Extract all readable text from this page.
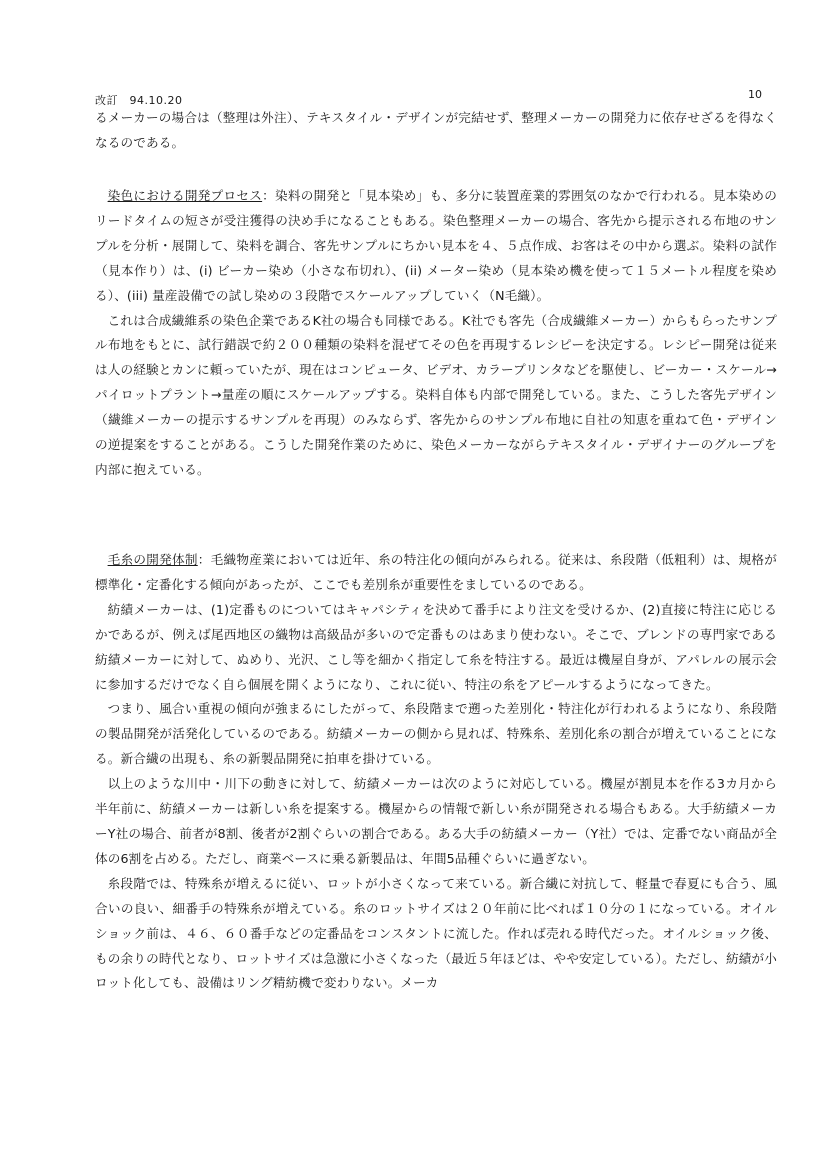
改訂　94.10.20	10

るメーカーの場合は（整理は外注）、テキスタイル・デザインが完結せず、整理メーカーの開発力に依存せざるを得なくなるのである。

染色における開発プロセス：染料の開発と「見本染め」も、多分に装置産業的雰囲気のなかで行われる。見本染めのリードタイムの短さが受注獲得の決め手になることもある。染色整理メーカーの場合、客先から提示される布地のサンプルを分析・展開して、染料を調合、客先サンプルにちかい見本を４、５点作成、お客はその中から選ぶ。染料の試作（見本作り）は、(i) ビーカー染め（小さな布切れ）、(ii) メーター染め（見本染め機を使って１５メートル程度を染める）、(iii) 量産設備での試し染めの３段階でスケールアップしていく（N毛織）。

これは合成繊維系の染色企業であるK社の場合も同様である。K社でも客先（合成繊維メーカー）からもらったサンプル布地をもとに、試行錯誤で約２００種類の染料を混ぜてその色を再現するレシピーを決定する。レシピー開発は従来は人の経験とカンに頼っていたが、現在はコンピュータ、ビデオ、カラープリンタなどを駆使し、ビーカー・スケール→パイロットプラント→量産の順にスケールアップする。染料自体も内部で開発している。また、こうした客先デザイン（繊維メーカーの提示するサンプルを再現）のみならず、客先からのサンプル布地に自社の知恵を重ねて色・デザインの逆提案をすることがある。こうした開発作業のために、染色メーカーながらテキスタイル・デザイナーのグループを内部に抱えている。

毛糸の開発体制：毛織物産業においては近年、糸の特注化の傾向がみられる。従来は、糸段階（低粗利）は、規格が標準化・定番化する傾向があったが、ここでも差別糸が重要性をましているのである。

紡績メーカーは、(1)定番ものについてはキャパシティを決めて番手により注文を受けるか、(2)直接に特注に応じるかであるが、例えば尾西地区の織物は高級品が多いので定番ものはあまり使わない。そこで、ブレンドの専門家である紡績メーカーに対して、ぬめり、光沢、こし等を細かく指定して糸を特注する。最近は機屋自身が、アパレルの展示会に参加するだけでなく自ら個展を開くようになり、これに従い、特注の糸をアピールするようになってきた。

つまり、風合い重視の傾向が強まるにしたがって、糸段階まで遡った差別化・特注化が行われるようになり、糸段階の製品開発が活発化しているのである。紡績メーカーの側から見れば、特殊糸、差別化糸の割合が増えていることになる。新合繊の出現も、糸の新製品開発に拍車を掛けている。

以上のような川中・川下の動きに対して、紡績メーカーは次のように対応している。機屋が割見本を作る3カ月から半年前に、紡績メーカーは新しい糸を提案する。機屋からの情報で新しい糸が開発される場合もある。大手紡績メーカーY社の場合、前者が8割、後者が2割ぐらいの割合である。ある大手の紡績メーカー（Y社）では、定番でない商品が全体の6割を占める。ただし、商業ベースに乗る新製品は、年間5品種ぐらいに過ぎない。

糸段階では、特殊糸が増えるに従い、ロットが小さくなって来ている。新合繊に対抗して、軽量で春夏にも合う、風合いの良い、細番手の特殊糸が増えている。糸のロットサイズは２０年前に比べれば１０分の１になっている。オイルショック前は、４６、６０番手などの定番品をコンスタントに流した。作れば売れる時代だった。オイルショック後、もの余りの時代となり、ロットサイズは急激に小さくなった（最近５年ほどは、やや安定している）。ただし、紡績が小ロット化しても、設備はリング精紡機で変わりない。メーカ
